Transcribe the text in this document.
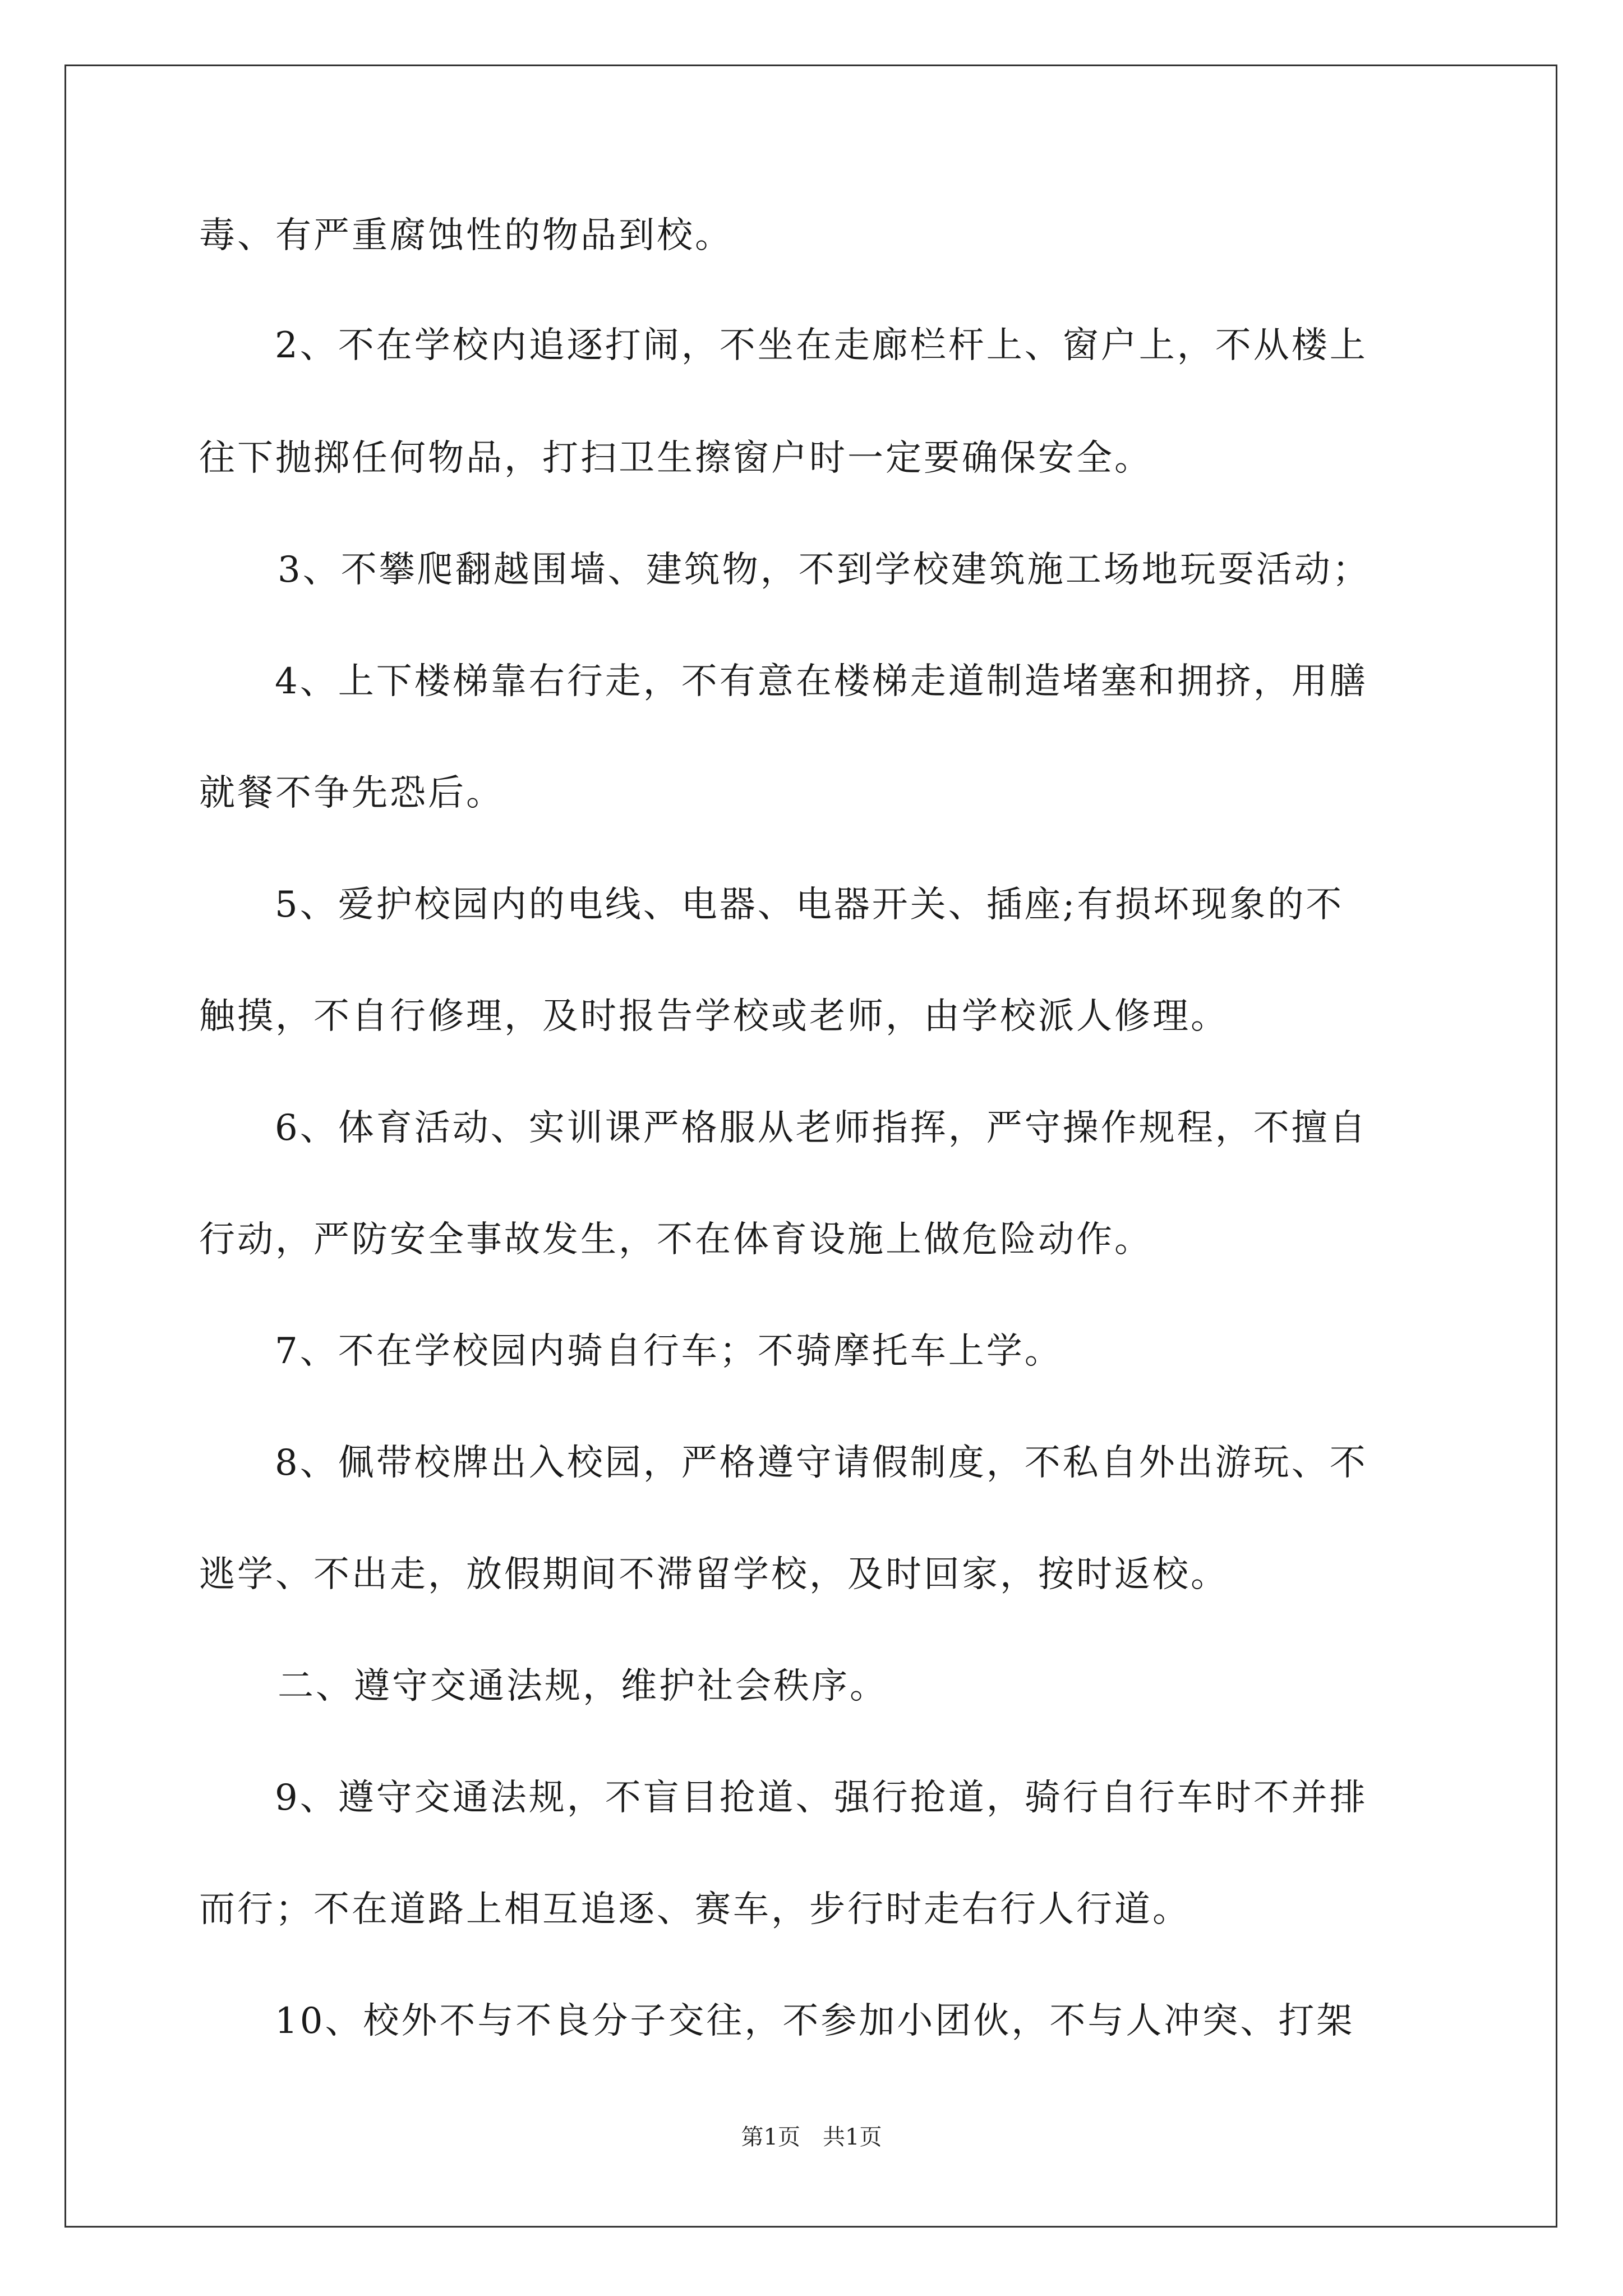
毒、有严重腐蚀性的物品到校。
2、不在学校内追逐打闹，不坐在走廊栏杆上、窗户上，不从楼上
往下抛掷任何物品，打扫卫生擦窗户时一定要确保安全。
3、不攀爬翻越围墙、建筑物，不到学校建筑施工场地玩耍活动；
4、上下楼梯靠右行走，不有意在楼梯走道制造堵塞和拥挤，用膳
就餐不争先恐后。
5、爱护校园内的电线、电器、电器开关、插座;有损坏现象的不
触摸，不自行修理，及时报告学校或老师，由学校派人修理。
6、体育活动、实训课严格服从老师指挥，严守操作规程，不擅自
行动，严防安全事故发生，不在体育设施上做危险动作。
7、不在学校园内骑自行车；不骑摩托车上学。
8、佩带校牌出入校园，严格遵守请假制度，不私自外出游玩、不
逃学、不出走，放假期间不滞留学校，及时回家，按时返校。
二、遵守交通法规，维护社会秩序。
9、遵守交通法规，不盲目抢道、强行抢道，骑行自行车时不并排
而行；不在道路上相互追逐、赛车，步行时走右行人行道。
10、校外不与不良分子交往，不参加小团伙，不与人冲突、打架
第1页　共1页
